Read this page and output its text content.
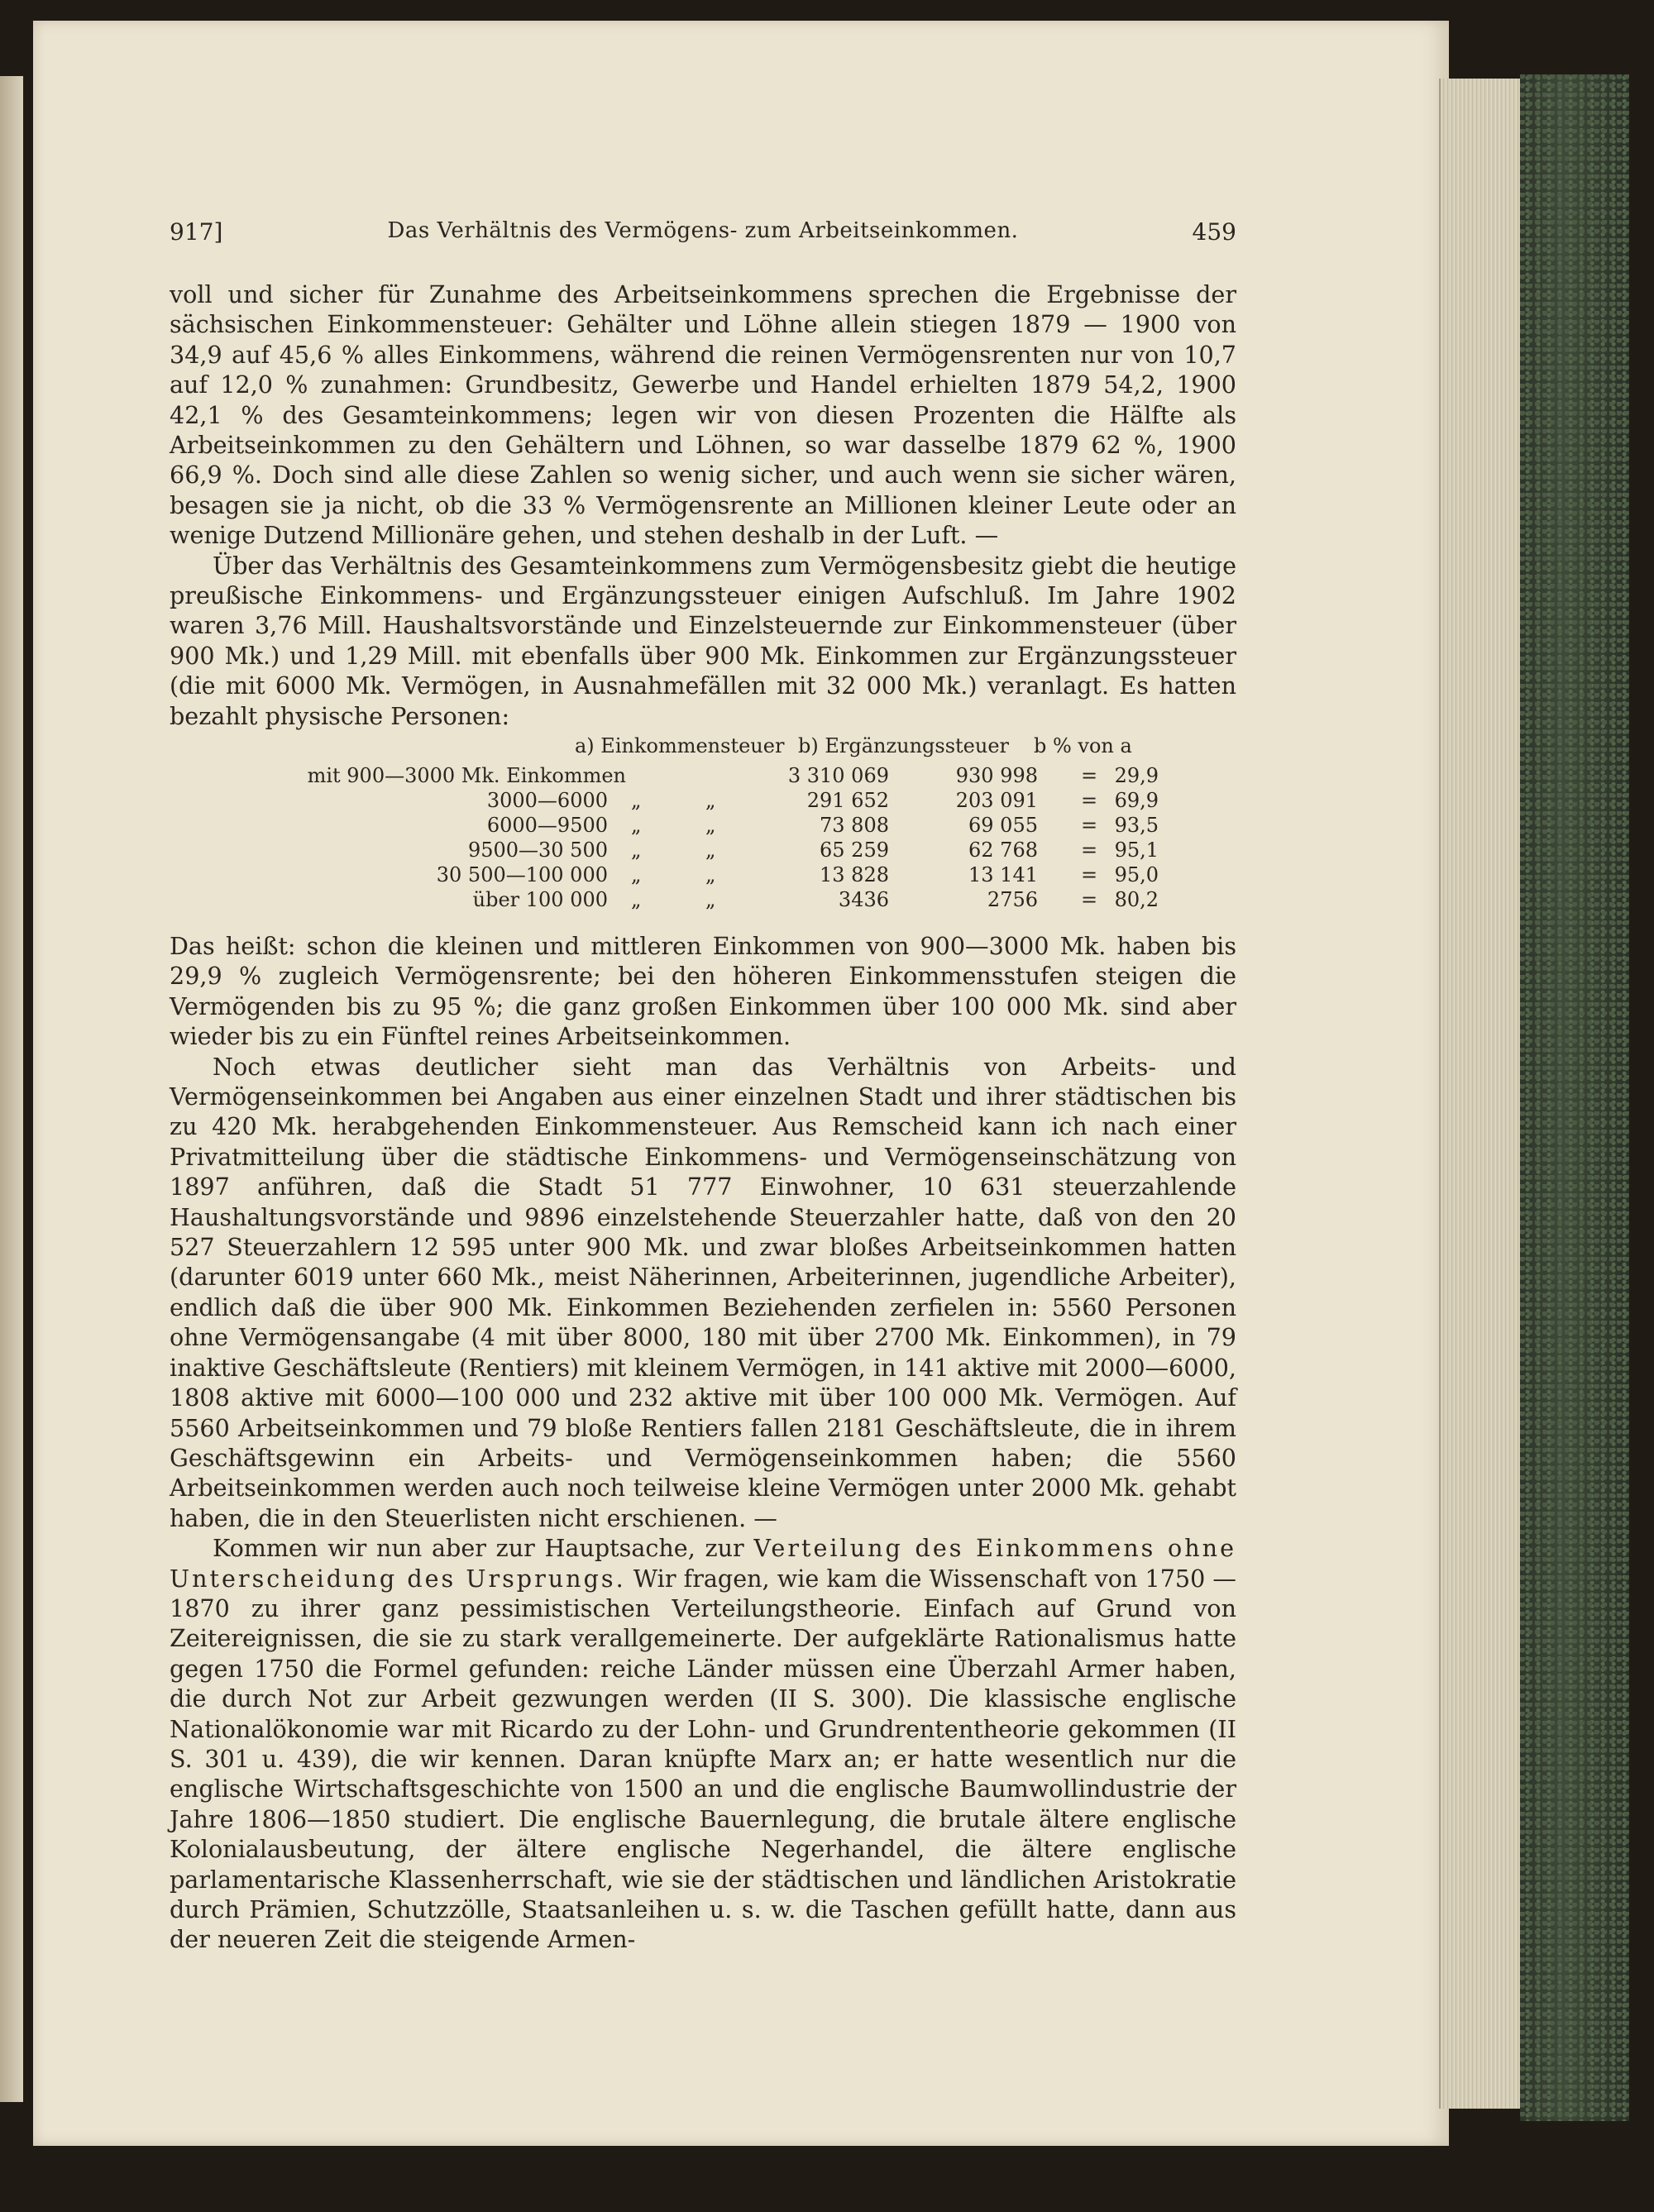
917]	Das Verhältnis des Vermögens- zum Arbeitseinkommen.	459

voll und sicher für Zunahme des Arbeitseinkommens sprechen die Ergebnisse der sächsischen Einkommensteuer: Gehälter und Löhne allein stiegen 1879 — 1900 von 34,9 auf 45,6 % alles Einkommens, während die reinen Vermögensrenten nur von 10,7 auf 12,0 % zunahmen: Grundbesitz, Gewerbe und Handel erhielten 1879 54,2, 1900 42,1 % des Gesamteinkommens; legen wir von diesen Prozenten die Hälfte als Arbeitseinkommen zu den Gehältern und Löhnen, so war dasselbe 1879 62 %, 1900 66,9 %. Doch sind alle diese Zahlen so wenig sicher, und auch wenn sie sicher wären, besagen sie ja nicht, ob die 33 % Vermögensrente an Millionen kleiner Leute oder an wenige Dutzend Millionäre gehen, und stehen deshalb in der Luft. —

Über das Verhältnis des Gesamteinkommens zum Vermögensbesitz giebt die heutige preußische Einkommens- und Ergänzungssteuer einigen Aufschluß. Im Jahre 1902 waren 3,76 Mill. Haushaltsvorstände und Einzelsteuernde zur Einkommensteuer (über 900 Mk.) und 1,29 Mill. mit ebenfalls über 900 Mk. Einkommen zur Ergänzungssteuer (die mit 6000 Mk. Vermögen, in Ausnahmefällen mit 32 000 Mk.) veranlagt. Es hatten bezahlt physische Personen:

a) Einkommensteuer b) Ergänzungssteuer b % von a
mit 900—3000 Mk. Einkommen	3 310 069	930 998 = 29,9
3000—6000 „	„	291 652	203 091 = 69,9
6000—9500 „	„	73 808	69 055 = 93,5
9500—30 500 „	„	65 259	62 768 = 95,1
30 500—100 000 „	„	13 828	13 141 = 95,0
über 100 000 „	„	3436	2756 = 80,2

Das heißt: schon die kleinen und mittleren Einkommen von 900—3000 Mk. haben bis 29,9 % zugleich Vermögensrente; bei den höheren Einkommensstufen steigen die Vermögenden bis zu 95 %; die ganz großen Einkommen über 100 000 Mk. sind aber wieder bis zu ein Fünftel reines Arbeitseinkommen.

Noch etwas deutlicher sieht man das Verhältnis von Arbeits- und Vermögenseinkommen bei Angaben aus einer einzelnen Stadt und ihrer städtischen bis zu 420 Mk. herabgehenden Einkommensteuer. Aus Remscheid kann ich nach einer Privatmitteilung über die städtische Einkommens- und Vermögenseinschätzung von 1897 anführen, daß die Stadt 51 777 Einwohner, 10 631 steuerzahlende Haushaltungsvorstände und 9896 einzelstehende Steuerzahler hatte, daß von den 20 527 Steuerzahlern 12 595 unter 900 Mk. und zwar bloßes Arbeitseinkommen hatten (darunter 6019 unter 660 Mk., meist Näherinnen, Arbeiterinnen, jugendliche Arbeiter), endlich daß die über 900 Mk. Einkommen Beziehenden zerfielen in: 5560 Personen ohne Vermögensangabe (4 mit über 8000, 180 mit über 2700 Mk. Einkommen), in 79 inaktive Geschäftsleute (Rentiers) mit kleinem Vermögen, in 141 aktive mit 2000—6000, 1808 aktive mit 6000—100 000 und 232 aktive mit über 100 000 Mk. Vermögen. Auf 5560 Arbeitseinkommen und 79 bloße Rentiers fallen 2181 Geschäftsleute, die in ihrem Geschäftsgewinn ein Arbeits- und Vermögenseinkommen haben; die 5560 Arbeitseinkommen werden auch noch teilweise kleine Vermögen unter 2000 Mk. gehabt haben, die in den Steuerlisten nicht erschienen. —

Kommen wir nun aber zur Hauptsache, zur Verteilung des Einkommens ohne Unterscheidung des Ursprungs. Wir fragen, wie kam die Wissenschaft von 1750 —1870 zu ihrer ganz pessimistischen Verteilungstheorie. Einfach auf Grund von Zeitereignissen, die sie zu stark verallgemeinerte. Der aufgeklärte Rationalismus hatte gegen 1750 die Formel gefunden: reiche Länder müssen eine Überzahl Armer haben, die durch Not zur Arbeit gezwungen werden (II S. 300). Die klassische englische Nationalökonomie war mit Ricardo zu der Lohn- und Grundrententheorie gekommen (II S. 301 u. 439), die wir kennen. Daran knüpfte Marx an; er hatte wesentlich nur die englische Wirtschaftsgeschichte von 1500 an und die englische Baumwollindustrie der Jahre 1806—1850 studiert. Die englische Bauernlegung, die brutale ältere englische Kolonialausbeutung, der ältere englische Negerhandel, die ältere englische parlamentarische Klassenherrschaft, wie sie der städtischen und ländlichen Aristokratie durch Prämien, Schutzzölle, Staatsanleihen u. s. w. die Taschen gefüllt hatte, dann aus der neueren Zeit die steigende Armen-
